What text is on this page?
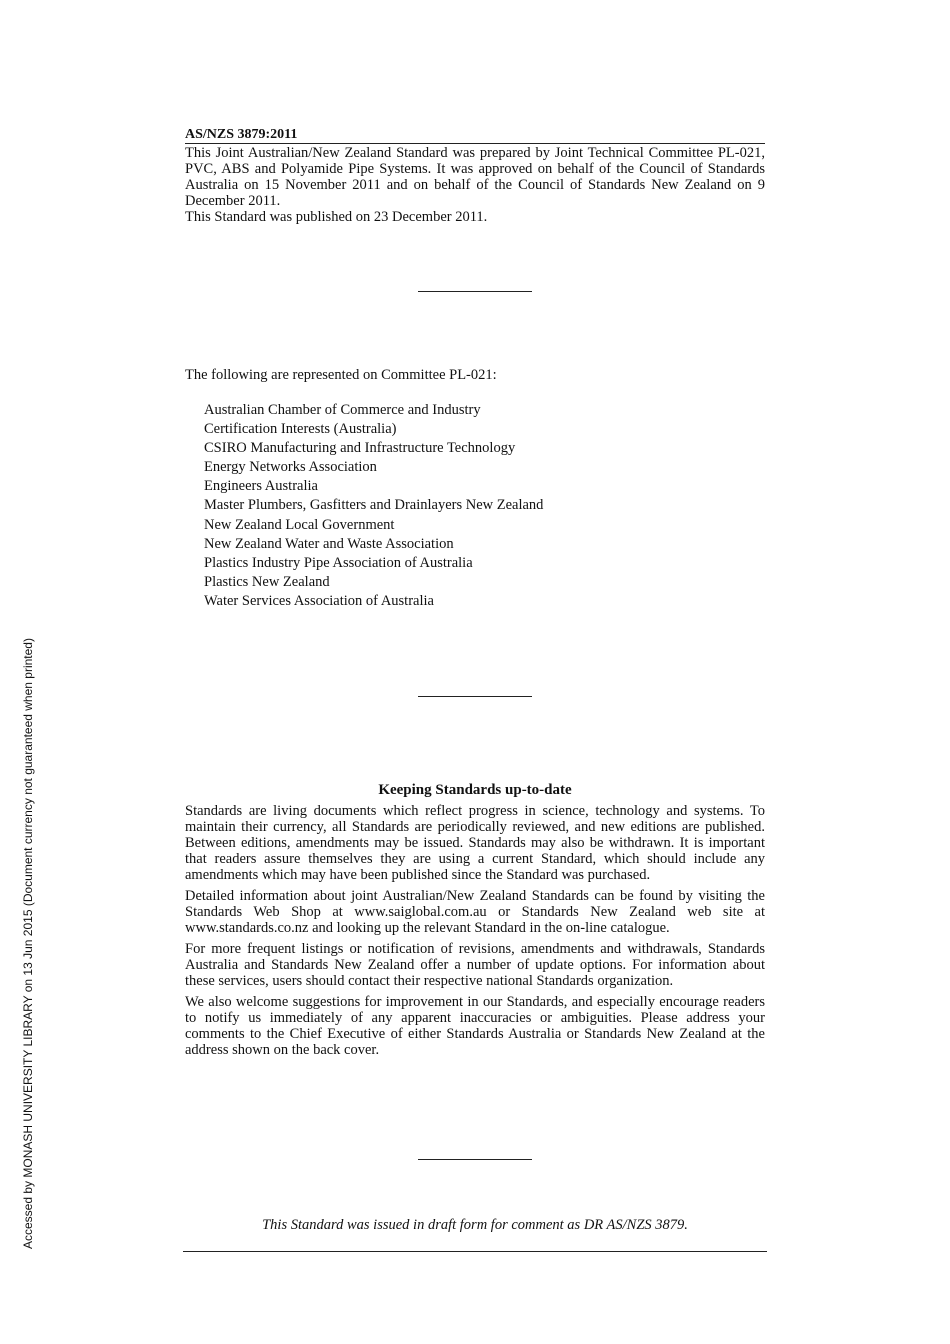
Accessed by MONASH UNIVERSITY LIBRARY on 13 Jun 2015 (Document currency not guaranteed when printed)
AS/NZS 3879:2011

This Joint Australian/New Zealand Standard was prepared by Joint Technical Committee PL-021, PVC, ABS and Polyamide Pipe Systems. It was approved on behalf of the Council of Standards Australia on 15 November 2011 and on behalf of the Council of Standards New Zealand on 9 December 2011.

This Standard was published on 23 December 2011.

The following are represented on Committee PL-021:
Australian Chamber of Commerce and Industry
Certification Interests (Australia)
CSIRO Manufacturing and Infrastructure Technology
Energy Networks Association
Engineers Australia
Master Plumbers, Gasfitters and Drainlayers New Zealand
New Zealand Local Government
New Zealand Water and Waste Association
Plastics Industry Pipe Association of Australia
Plastics New Zealand
Water Services Association of Australia
Keeping Standards up-to-date

Standards are living documents which reflect progress in science, technology and systems. To maintain their currency, all Standards are periodically reviewed, and new editions are published. Between editions, amendments may be issued. Standards may also be withdrawn. It is important that readers assure themselves they are using a current Standard, which should include any amendments which may have been published since the Standard was purchased.

Detailed information about joint Australian/New Zealand Standards can be found by visiting the Standards Web Shop at www.saiglobal.com.au or Standards New Zealand web site at www.standards.co.nz and looking up the relevant Standard in the on-line catalogue.

For more frequent listings or notification of revisions, amendments and withdrawals, Standards Australia and Standards New Zealand offer a number of update options. For information about these services, users should contact their respective national Standards organization.

We also welcome suggestions for improvement in our Standards, and especially encourage readers to notify us immediately of any apparent inaccuracies or ambiguities. Please address your comments to the Chief Executive of either Standards Australia or Standards New Zealand at the address shown on the back cover.

This Standard was issued in draft form for comment as DR AS/NZS 3879.
